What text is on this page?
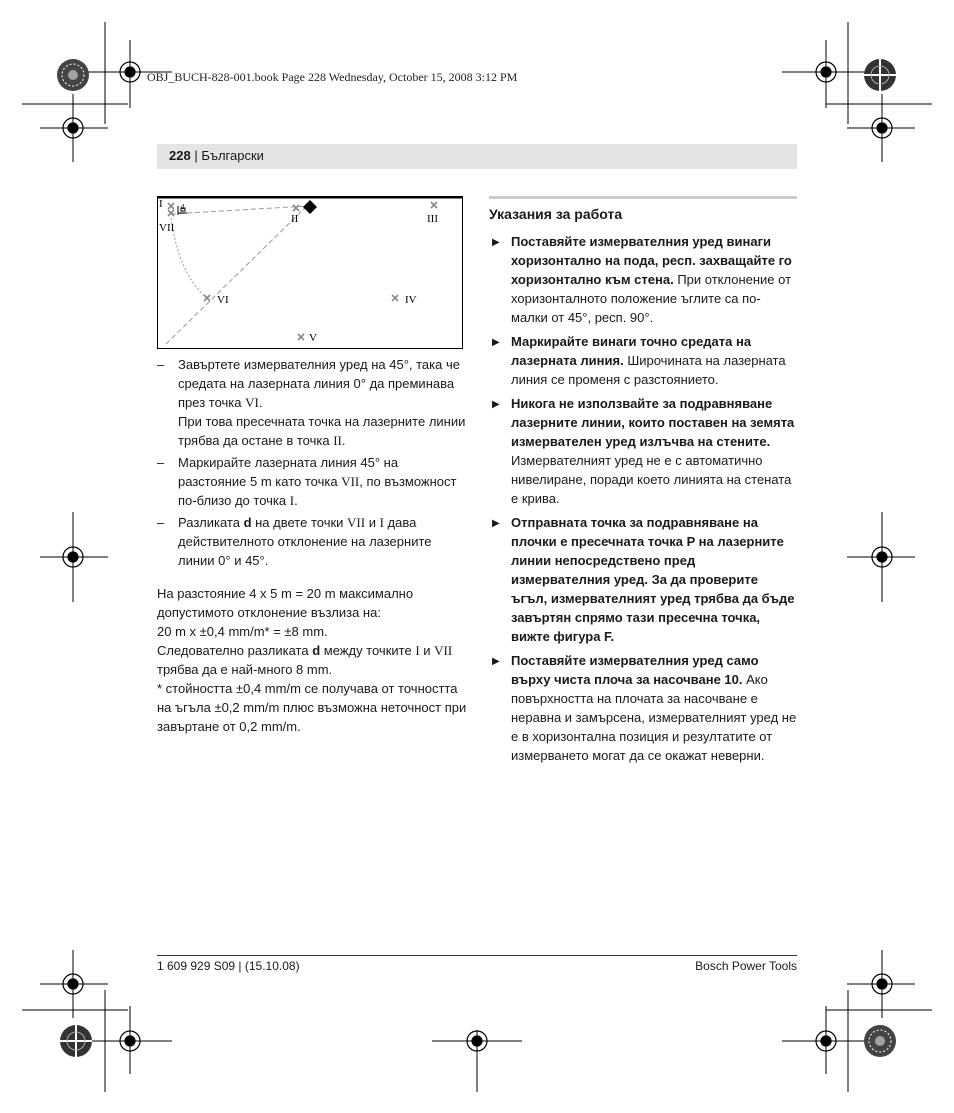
OBJ_BUCH-828-001.book Page 228 Wednesday, October 15, 2008 3:12 PM
228 | Български
I
VII
II	III
VI	IV
V
d
– Завъртете измервателния уред на 45°, така че средата на лазерната линия 0° да преминава през точка VI.
При това пресечната точка на лазерните линии трябва да остане в точка II.
– Маркирайте лазерната линия 45° на разстояние 5 m като точка VII, по възможност по-близо до точка I.
– Разликата d на двете точки VII и I дава действителното отклонение на лазерните линии 0° и 45°.
На разстояние 4 x 5 m = 20 m максимално допустимото отклонение възлиза на:
20 m x ±0,4 mm/m* = ±8 mm.
Следователно разликата d между точките I и VII трябва да е най-много 8 mm.
* стойността ±0,4 mm/m се получава от точността на ъгъла ±0,2 mm/m плюс възможна неточност при завъртане от 0,2 mm/m.
Указания за работа
▶ Поставяйте измервателния уред винаги хоризонтално на пода, респ. захващайте го хоризонтално към стена. При отклонение от хоризонталното положение ъглите са по-малки от 45°, респ. 90°.
▶ Маркирайте винаги точно средата на лазерната линия. Широчината на лазерната линия се променя с разстоянието.
▶ Никога не използвайте за подравняване лазерните линии, които поставен на земята измервателен уред излъчва на стените. Измервателният уред не е с автоматично нивелиране, поради което линията на стената е крива.
▶ Отправната точка за подравняване на плочки е пресечната точка P на лазерните линии непосредствено пред измервателния уред. За да проверите ъгъл, измервателният уред трябва да бъде завъртян спрямо тази пресечна точка, вижте фигура F.
▶ Поставяйте измервателния уред само върху чиста плоча за насочване 10. Ако повърхността на плочата за насочване е неравна и замърсена, измервателният уред не е в хоризонтална позиция и резултатите от измерването могат да се окажат неверни.
1 609 929 S09 | (15.10.08)	Bosch Power Tools
